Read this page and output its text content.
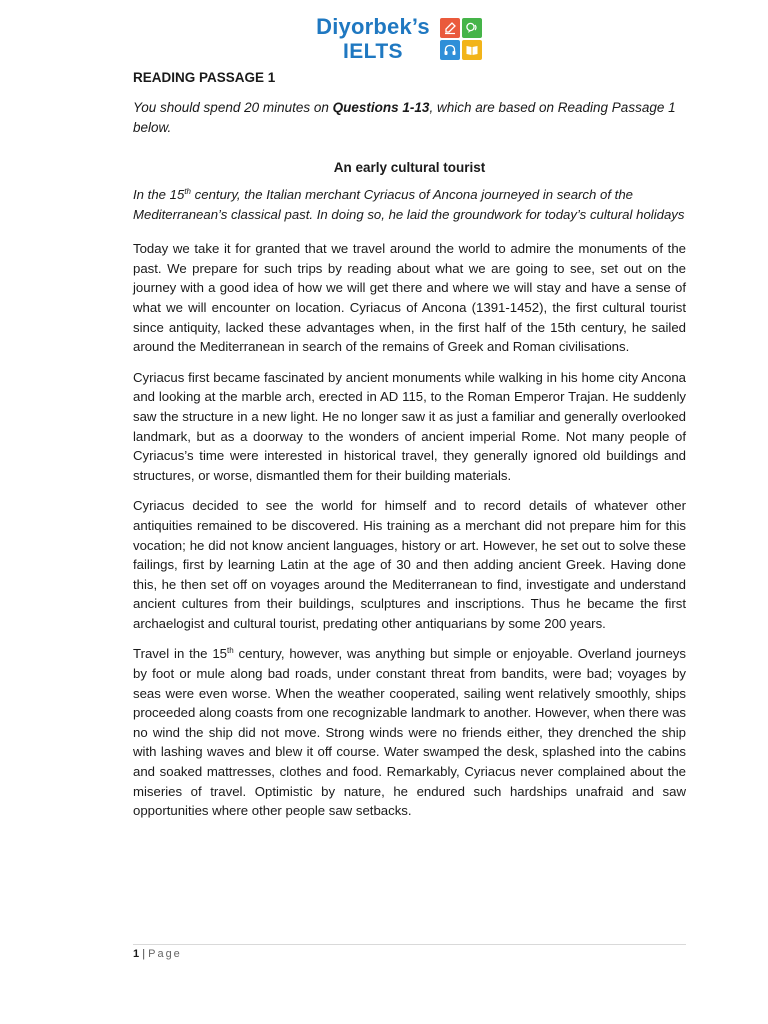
Diyorbek’s
IELTS

READING PASSAGE 1

You should spend 20 minutes on Questions 1-13, which are based on Reading Passage 1 below.

An early cultural tourist

In the 15th century, the Italian merchant Cyriacus of Ancona journeyed in search of the Mediterranean’s classical past. In doing so, he laid the groundwork for today’s cultural holidays

Today we take it for granted that we travel around the world to admire the monuments of the past. We prepare for such trips by reading about what we are going to see, set out on the journey with a good idea of how we will get there and where we will stay and have a sense of what we will encounter on location. Cyriacus of Ancona (1391-1452), the first cultural tourist since antiquity, lacked these advantages when, in the first half of the 15th century, he sailed around the Mediterranean in search of the remains of Greek and Roman civilisations.

Cyriacus first became fascinated by ancient monuments while walking in his home city Ancona and looking at the marble arch, erected in AD 115, to the Roman Emperor Trajan. He suddenly saw the structure in a new light. He no longer saw it as just a familiar and generally overlooked landmark, but as a doorway to the wonders of ancient imperial Rome. Not many people of Cyriacus’s time were interested in historical travel, they generally ignored old buildings and structures, or worse, dismantled them for their building materials.

Cyriacus decided to see the world for himself and to record details of whatever other antiquities remained to be discovered. His training as a merchant did not prepare him for this vocation; he did not know ancient languages, history or art. However, he set out to solve these failings, first by learning Latin at the age of 30 and then adding ancient Greek. Having done this, he then set off on voyages around the Mediterranean to find, investigate and understand ancient cultures from their buildings, sculptures and inscriptions. Thus he became the first archaelogist and cultural tourist, predating other antiquarians by some 200 years.

Travel in the 15th century, however, was anything but simple or enjoyable. Overland journeys by foot or mule along bad roads, under constant threat from bandits, were bad; voyages by seas were even worse. When the weather cooperated, sailing went relatively smoothly, ships proceeded along coasts from one recognizable landmark to another. However, when there was no wind the ship did not move. Strong winds were no friends either, they drenched the ship with lashing waves and blew it off course. Water swamped the desk, splashed into the cabins and soaked mattresses, clothes and food. Remarkably, Cyriacus never complained about the miseries of travel. Optimistic by nature, he endured such hardships unafraid and saw opportunities where other people saw setbacks.

1 | Page
